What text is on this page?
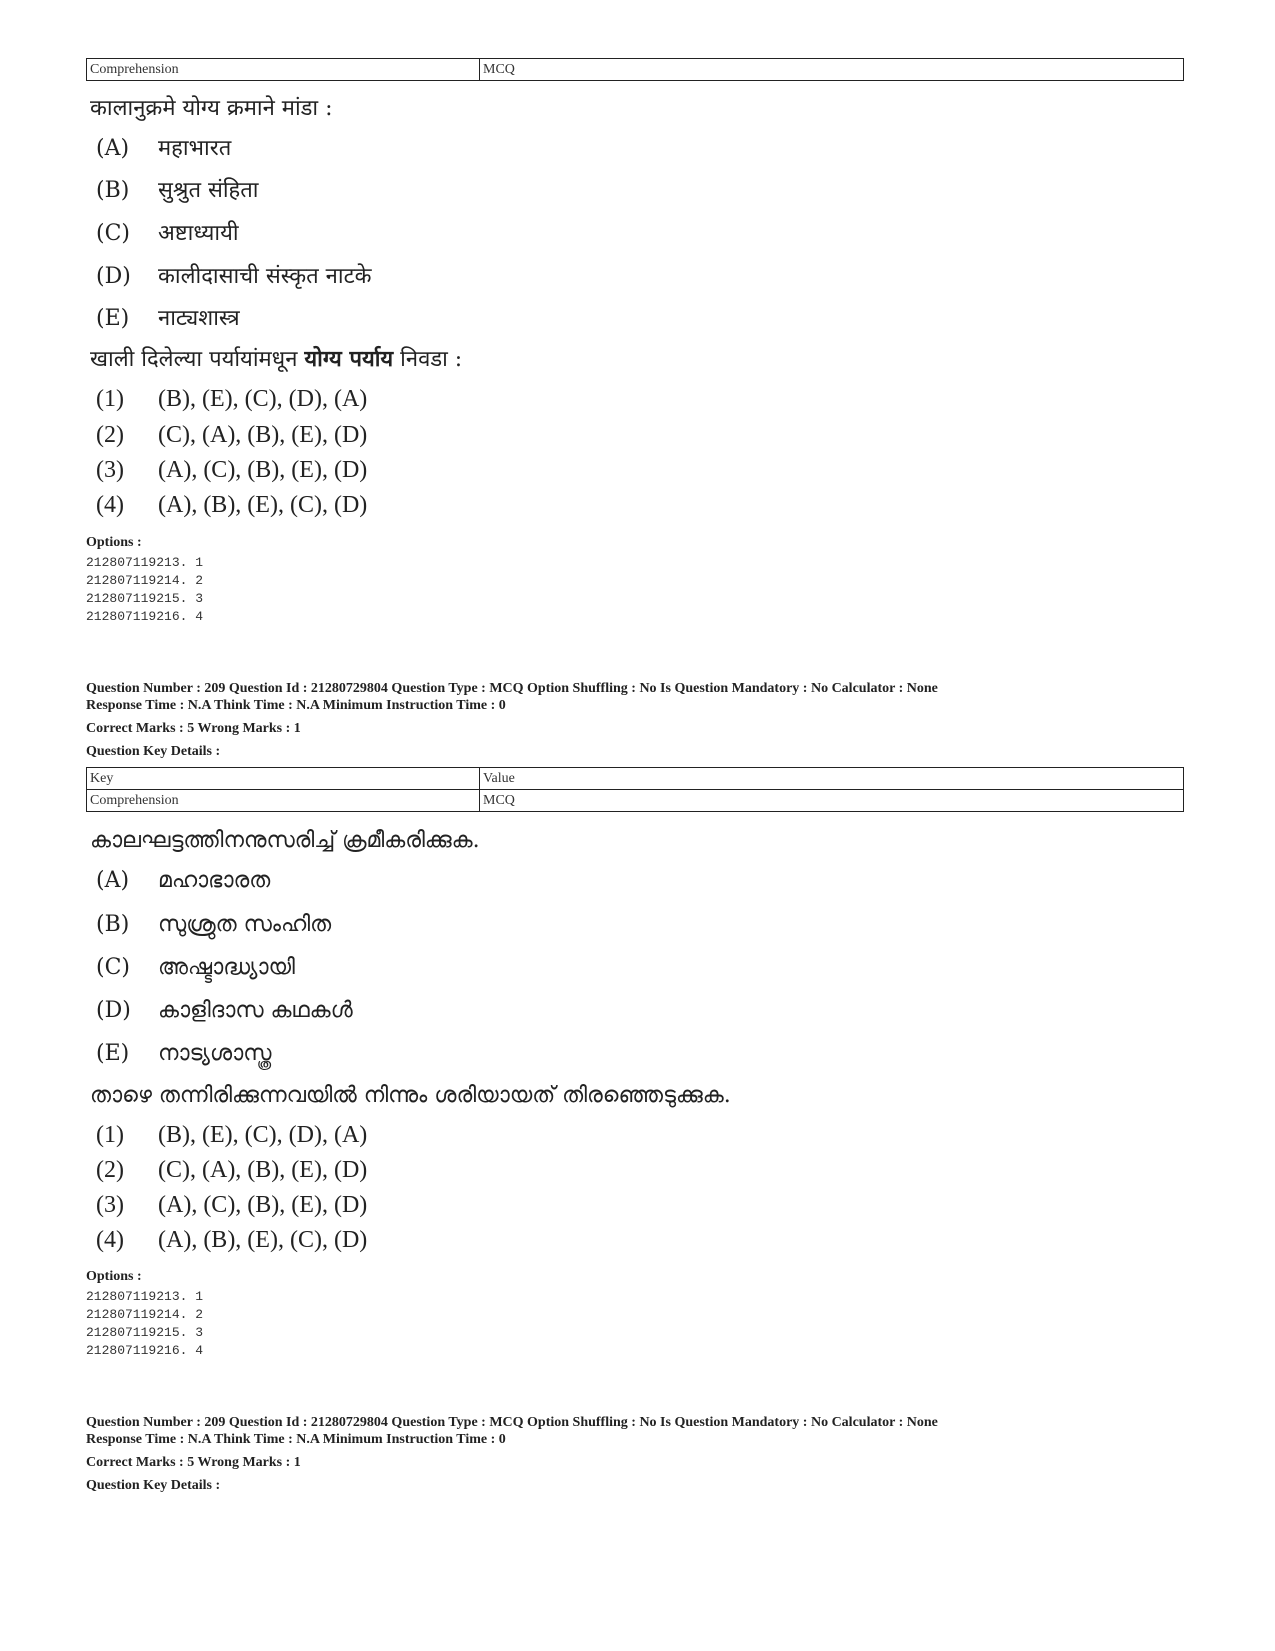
Comprehension	MCQ
कालानुक्रमे योग्य क्रमाने मांडा :
(A) महाभारत
(B) सुश्रुत संहिता
(C) अष्टाध्यायी
(D) कालीदासाची संस्कृत नाटके
(E) नाट्यशास्त्र
खाली दिलेल्या पर्यायांमधून योग्य पर्याय निवडा :
(1) (B), (E), (C), (D), (A)
(2) (C), (A), (B), (E), (D)
(3) (A), (C), (B), (E), (D)
(4) (A), (B), (E), (C), (D)
Options :
212807119213. 1
212807119214. 2
212807119215. 3
212807119216. 4
Question Number : 209 Question Id : 21280729804 Question Type : MCQ Option Shuffling : No Is Question Mandatory : No Calculator : None
Response Time : N.A Think Time : N.A Minimum Instruction Time : 0
Correct Marks : 5 Wrong Marks : 1
Question Key Details :
Key	Value
Comprehension	MCQ
കാലഘട്ടത്തിനനുസരിച്ച് ക്രമീകരിക്കുക.
(A) മഹാഭാരത
(B) സുശ്രുത സംഹിത
(C) അഷ്ടാദ്ധ്യായി
(D) കാളിദാസ കഥകൾ
(E) നാട്യശാസ്ത്ര
താഴെ തന്നിരിക്കുന്നവയിൽ നിന്നും ശരിയായത് തിരഞ്ഞെടുക്കുക.
(1) (B), (E), (C), (D), (A)
(2) (C), (A), (B), (E), (D)
(3) (A), (C), (B), (E), (D)
(4) (A), (B), (E), (C), (D)
Options :
212807119213. 1
212807119214. 2
212807119215. 3
212807119216. 4
Question Number : 209 Question Id : 21280729804 Question Type : MCQ Option Shuffling : No Is Question Mandatory : No Calculator : None
Response Time : N.A Think Time : N.A Minimum Instruction Time : 0
Correct Marks : 5 Wrong Marks : 1
Question Key Details :
